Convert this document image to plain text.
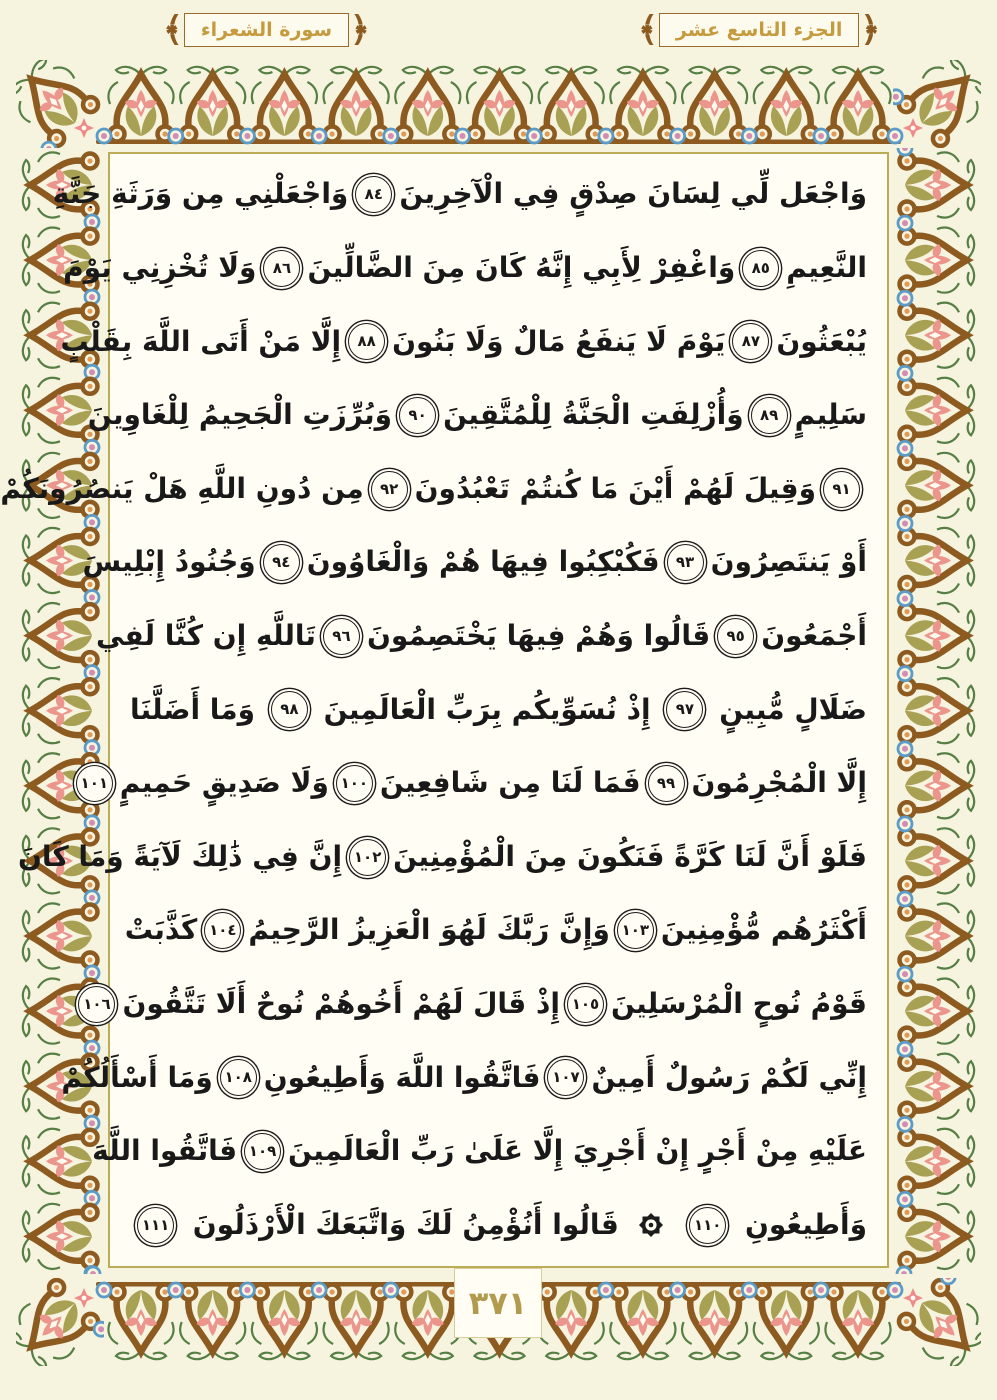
﴾ سورة الشعراء ﴿	﴾ الجزء التاسع عشر ﴿
وَاجْعَل لِّي لِسَانَ صِدْقٍ فِي الْآخِرِينَ
٨٤
وَاجْعَلْنِي مِن وَرَثَةِ جَنَّةِ
النَّعِيمِ
٨٥
وَاغْفِرْ لِأَبِي إِنَّهُ كَانَ مِنَ الضَّالِّينَ
٨٦
وَلَا تُخْزِنِي يَوْمَ
يُبْعَثُونَ
٨٧
يَوْمَ لَا يَنفَعُ مَالٌ وَلَا بَنُونَ
٨٨
إِلَّا مَنْ أَتَى اللَّهَ بِقَلْبٍ
سَلِيمٍ
٨٩
وَأُزْلِفَتِ الْجَنَّةُ لِلْمُتَّقِينَ
٩٠
وَبُرِّزَتِ الْجَحِيمُ لِلْغَاوِينَ
٩١
وَقِيلَ لَهُمْ أَيْنَ مَا كُنتُمْ تَعْبُدُونَ
٩٢
مِن دُونِ اللَّهِ هَلْ يَنصُرُونَكُمْ
أَوْ يَنتَصِرُونَ
٩٣
فَكُبْكِبُوا فِيهَا هُمْ وَالْغَاوُونَ
٩٤
وَجُنُودُ إِبْلِيسَ
أَجْمَعُونَ
٩٥
قَالُوا وَهُمْ فِيهَا يَخْتَصِمُونَ
٩٦
تَاللَّهِ إِن كُنَّا لَفِي
ضَلَالٍ مُّبِينٍ
٩٧
إِذْ نُسَوِّيكُم بِرَبِّ الْعَالَمِينَ
٩٨
وَمَا أَضَلَّنَا
إِلَّا الْمُجْرِمُونَ
٩٩
فَمَا لَنَا مِن شَافِعِينَ
١٠٠
وَلَا صَدِيقٍ حَمِيمٍ
١٠١
فَلَوْ أَنَّ لَنَا كَرَّةً فَنَكُونَ مِنَ الْمُؤْمِنِينَ
١٠٢
إِنَّ فِي ذَٰلِكَ لَآيَةً وَمَا كَانَ
أَكْثَرُهُم مُّؤْمِنِينَ
١٠٣
وَإِنَّ رَبَّكَ لَهُوَ الْعَزِيزُ الرَّحِيمُ
١٠٤
كَذَّبَتْ
قَوْمُ نُوحٍ الْمُرْسَلِينَ
١٠٥
إِذْ قَالَ لَهُمْ أَخُوهُمْ نُوحٌ أَلَا تَتَّقُونَ
١٠٦
إِنِّي لَكُمْ رَسُولٌ أَمِينٌ
١٠٧
فَاتَّقُوا اللَّهَ وَأَطِيعُونِ
١٠٨
وَمَا أَسْأَلُكُمْ
عَلَيْهِ مِنْ أَجْرٍ إِنْ أَجْرِيَ إِلَّا عَلَىٰ رَبِّ الْعَالَمِينَ
١٠٩
فَاتَّقُوا اللَّهَ
وَأَطِيعُونِ
١١٠
قَالُوا أَنُؤْمِنُ لَكَ وَاتَّبَعَكَ الْأَرْذَلُونَ
١١١
٣٧١
